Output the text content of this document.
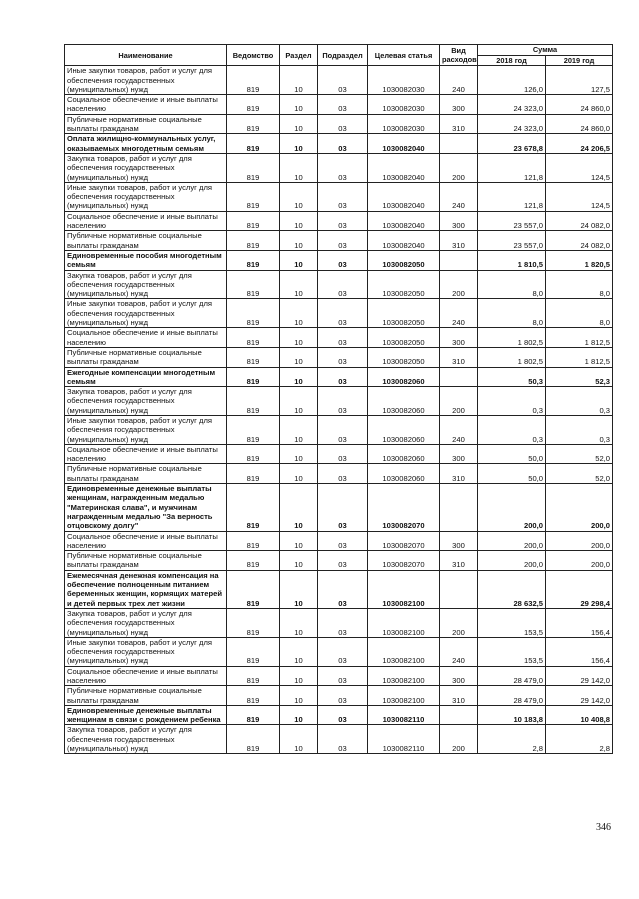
Наименование	Ведомство	Раздел	Подраздел	Целевая статья	Вид расходов	Сумма	
						2018 год	2019 год
Иные закупки товаров, работ и услуг для обеспечения государственных (муниципальных) нужд	819	10	03	1030082030	240	126,0	127,5
Социальное обеспечение и иные выплаты населению	819	10	03	1030082030	300	24 323,0	24 860,0
Публичные нормативные социальные выплаты гражданам	819	10	03	1030082030	310	24 323,0	24 860,0
Оплата жилищно-коммунальных услуг, оказываемых многодетным семьям	819	10	03	1030082040		23 678,8	24 206,5
Закупка товаров, работ и услуг для обеспечения государственных (муниципальных) нужд	819	10	03	1030082040	200	121,8	124,5
Иные закупки товаров, работ и услуг для обеспечения государственных (муниципальных) нужд	819	10	03	1030082040	240	121,8	124,5
Социальное обеспечение и иные выплаты населению	819	10	03	1030082040	300	23 557,0	24 082,0
Публичные нормативные социальные выплаты гражданам	819	10	03	1030082040	310	23 557,0	24 082,0
Единовременные пособия многодетным семьям	819	10	03	1030082050		1 810,5	1 820,5
Закупка товаров, работ и услуг для обеспечения государственных (муниципальных) нужд	819	10	03	1030082050	200	8,0	8,0
Иные закупки товаров, работ и услуг для обеспечения государственных (муниципальных) нужд	819	10	03	1030082050	240	8,0	8,0
Социальное обеспечение и иные выплаты населению	819	10	03	1030082050	300	1 802,5	1 812,5
Публичные нормативные социальные выплаты гражданам	819	10	03	1030082050	310	1 802,5	1 812,5
Ежегодные компенсации многодетным семьям	819	10	03	1030082060		50,3	52,3
Закупка товаров, работ и услуг для обеспечения государственных (муниципальных) нужд	819	10	03	1030082060	200	0,3	0,3
Иные закупки товаров, работ и услуг для обеспечения государственных (муниципальных) нужд	819	10	03	1030082060	240	0,3	0,3
Социальное обеспечение и иные выплаты населению	819	10	03	1030082060	300	50,0	52,0
Публичные нормативные социальные выплаты гражданам	819	10	03	1030082060	310	50,0	52,0
Единовременные денежные выплаты женщинам, награжденным медалью "Материнская слава", и мужчинам награжденным медалью "За верность отцовскому долгу"	819	10	03	1030082070		200,0	200,0
Социальное обеспечение и иные выплаты населению	819	10	03	1030082070	300	200,0	200,0
Публичные нормативные социальные выплаты гражданам	819	10	03	1030082070	310	200,0	200,0
Ежемесячная денежная компенсация на обеспечение полноценным питанием беременных женщин, кормящих матерей и детей первых трех лет жизни	819	10	03	1030082100		28 632,5	29 298,4
Закупка товаров, работ и услуг для обеспечения государственных (муниципальных) нужд	819	10	03	1030082100	200	153,5	156,4
Иные закупки товаров, работ и услуг для обеспечения государственных (муниципальных) нужд	819	10	03	1030082100	240	153,5	156,4
Социальное обеспечение и иные выплаты населению	819	10	03	1030082100	300	28 479,0	29 142,0
Публичные нормативные социальные выплаты гражданам	819	10	03	1030082100	310	28 479,0	29 142,0
Единовременные денежные выплаты женщинам в связи с рождением ребенка	819	10	03	1030082110		10 183,8	10 408,8
Закупка товаров, работ и услуг для обеспечения государственных (муниципальных) нужд	819	10	03	1030082110	200	2,8	2,8
346
